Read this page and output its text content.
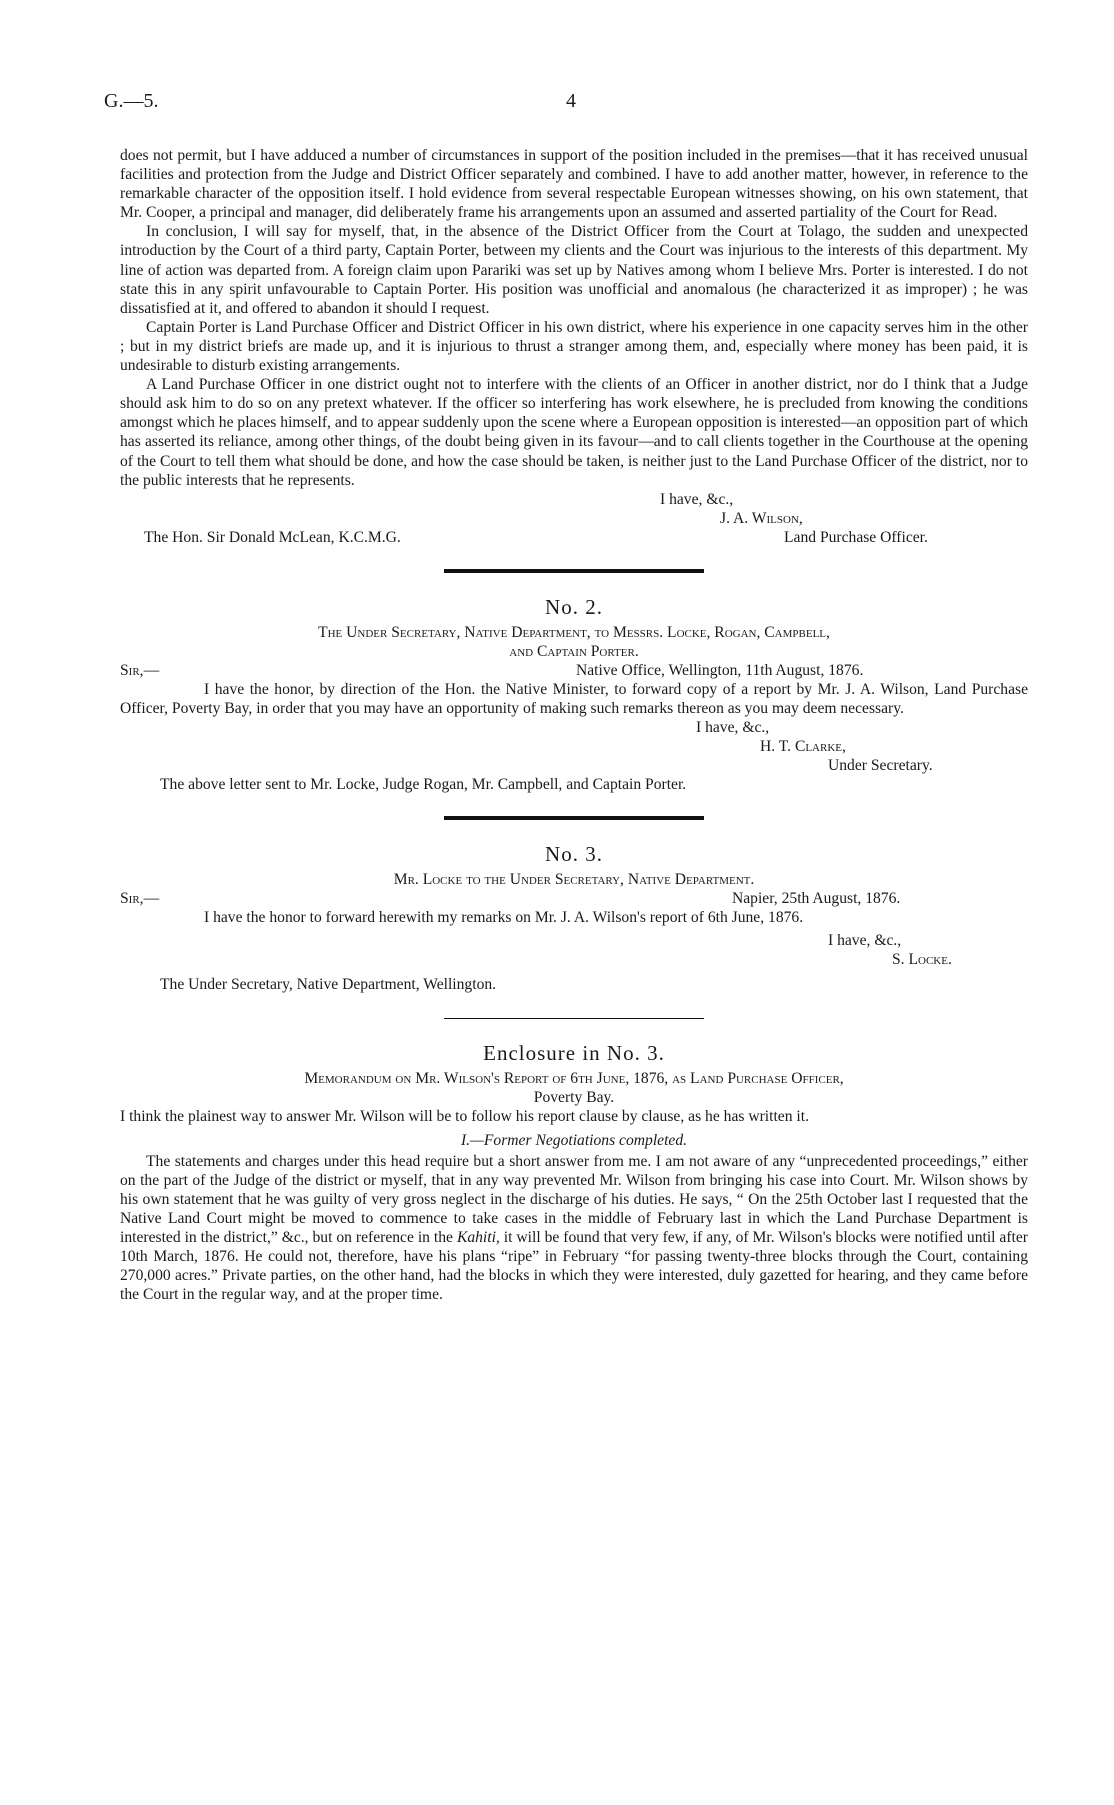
G.—5.	4

does not permit, but I have adduced a number of circumstances in support of the position included in the premises—that it has received unusual facilities and protection from the Judge and District Officer separately and combined. I have to add another matter, however, in reference to the remarkable character of the opposition itself. I hold evidence from several respectable European witnesses showing, on his own statement, that Mr. Cooper, a principal and manager, did deliberately frame his arrangements upon an assumed and asserted partiality of the Court for Read.

In conclusion, I will say for myself, that, in the absence of the District Officer from the Court at Tolago, the sudden and unexpected introduction by the Court of a third party, Captain Porter, between my clients and the Court was injurious to the interests of this department. My line of action was departed from. A foreign claim upon Parariki was set up by Natives among whom I believe Mrs. Porter is interested. I do not state this in any spirit unfavourable to Captain Porter. His position was unofficial and anomalous (he characterized it as improper) ; he was dissatisfied at it, and offered to abandon it should I request.

Captain Porter is Land Purchase Officer and District Officer in his own district, where his experience in one capacity serves him in the other ; but in my district briefs are made up, and it is injurious to thrust a stranger among them, and, especially where money has been paid, it is undesirable to disturb existing arrangements.

A Land Purchase Officer in one district ought not to interfere with the clients of an Officer in another district, nor do I think that a Judge should ask him to do so on any pretext whatever. If the officer so interfering has work elsewhere, he is precluded from knowing the conditions amongst which he places himself, and to appear suddenly upon the scene where a European opposition is interested—an opposition part of which has asserted its reliance, among other things, of the doubt being given in its favour—and to call clients together in the Courthouse at the opening of the Court to tell them what should be done, and how the case should be taken, is neither just to the Land Purchase Officer of the district, nor to the public interests that he represents.

I have, &c.,
J. A. Wilson,
The Hon. Sir Donald McLean, K.C.M.G.	Land Purchase Officer.
No. 2.
The Under Secretary, Native Department, to Messrs. Locke, Rogan, Campbell,
and Captain Porter.
Sir,—	Native Office, Wellington, 11th August, 1876.

I have the honor, by direction of the Hon. the Native Minister, to forward copy of a report by Mr. J. A. Wilson, Land Purchase Officer, Poverty Bay, in order that you may have an opportunity of making such remarks thereon as you may deem necessary.

I have, &c.,
H. T. Clarke,
Under Secretary.
The above letter sent to Mr. Locke, Judge Rogan, Mr. Campbell, and Captain Porter.
No. 3.
Mr. Locke to the Under Secretary, Native Department.
Sir,—	Napier, 25th August, 1876.

I have the honor to forward herewith my remarks on Mr. J. A. Wilson's report of 6th June, 1876.

I have, &c.,
S. Locke.
The Under Secretary, Native Department, Wellington.
Enclosure in No. 3.
Memorandum on Mr. Wilson's Report of 6th June, 1876, as Land Purchase Officer,
Poverty Bay.

I think the plainest way to answer Mr. Wilson will be to follow his report clause by clause, as he has written it.

I.—Former Negotiations completed.

The statements and charges under this head require but a short answer from me. I am not aware of any “unprecedented proceedings,” either on the part of the Judge of the district or myself, that in any way prevented Mr. Wilson from bringing his case into Court. Mr. Wilson shows by his own statement that he was guilty of very gross neglect in the discharge of his duties. He says, “ On the 25th October last I requested that the Native Land Court might be moved to commence to take cases in the middle of February last in which the Land Purchase Department is interested in the district,” &c., but on reference in the Kahiti, it will be found that very few, if any, of Mr. Wilson's blocks were notified until after 10th March, 1876. He could not, therefore, have his plans “ripe” in February “for passing twenty-three blocks through the Court, containing 270,000 acres.” Private parties, on the other hand, had the blocks in which they were interested, duly gazetted for hearing, and they came before the Court in the regular way, and at the proper time.
